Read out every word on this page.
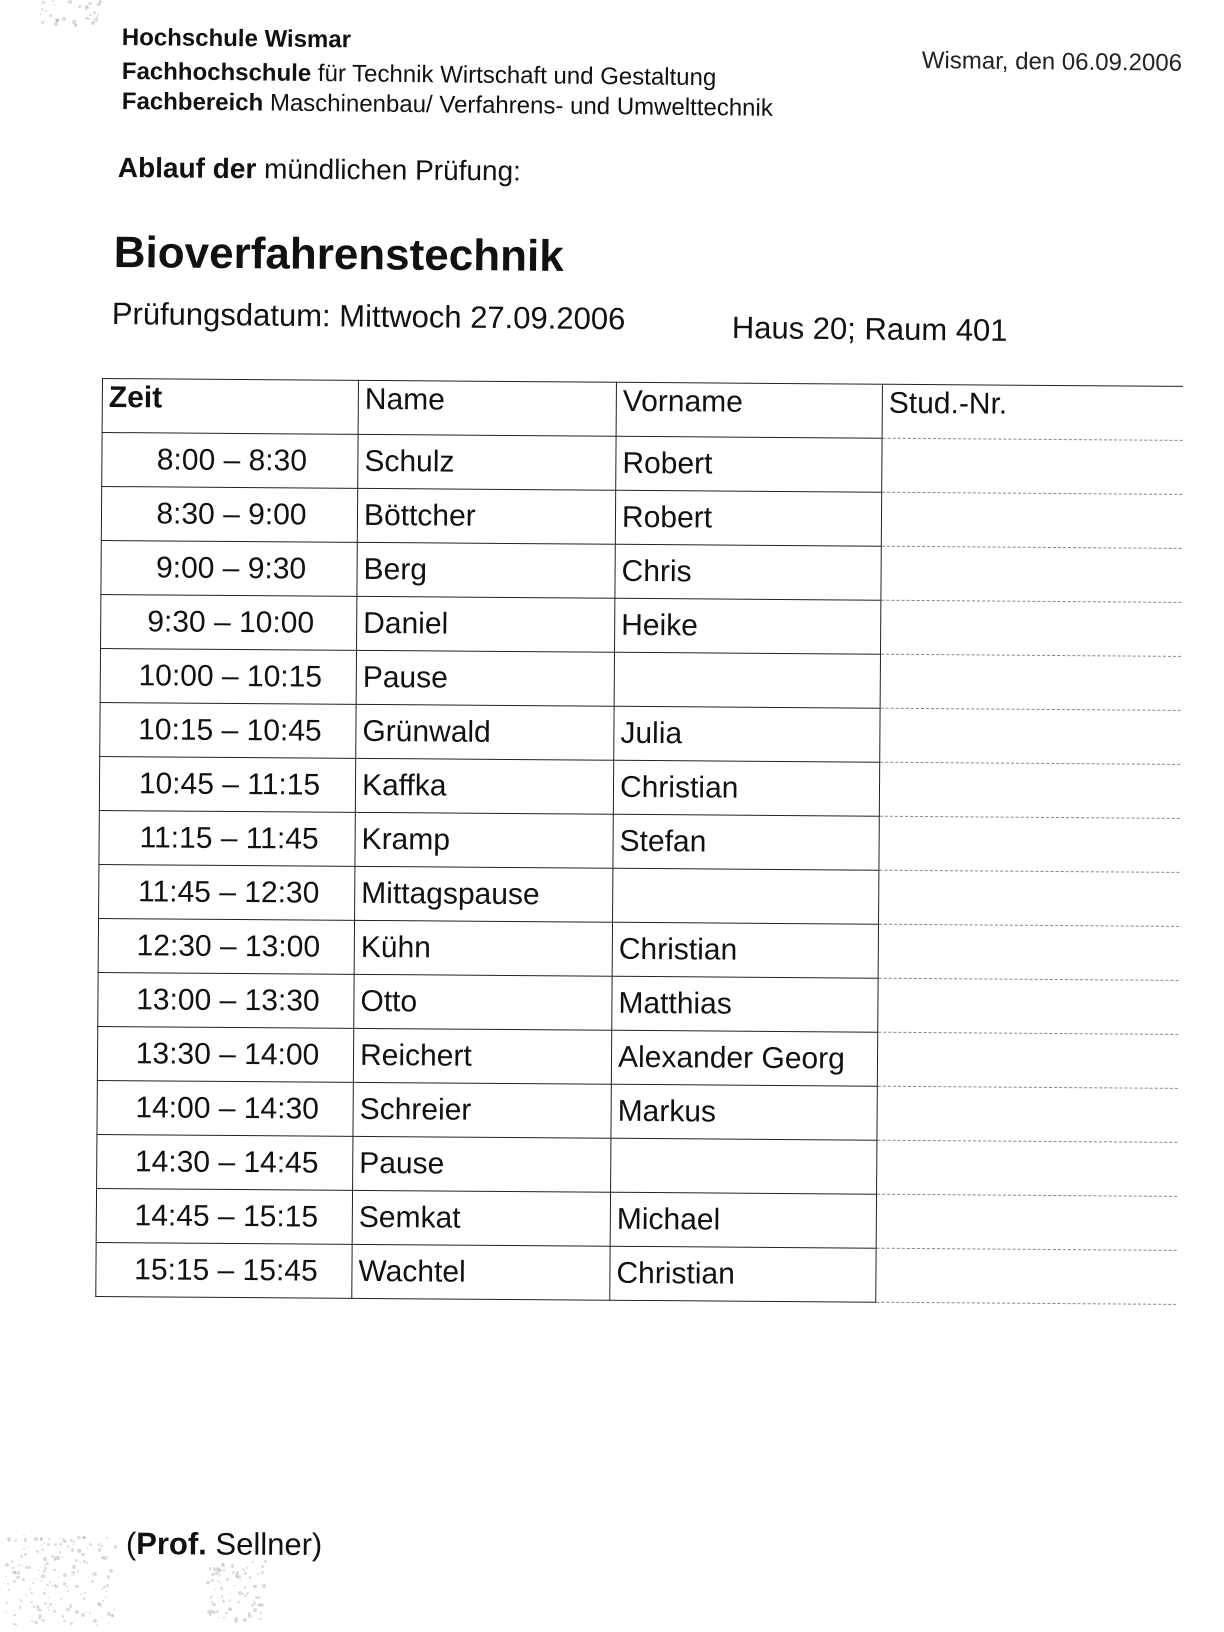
Hochschule Wismar
Fachhochschule für Technik Wirtschaft und Gestaltung
Fachbereich Maschinenbau/ Verfahrens- und Umwelttechnik
Wismar, den 06.09.2006
Ablauf der mündlichen Prüfung:
Bioverfahrenstechnik
Prüfungsdatum: Mittwoch 27.09.2006	Haus 20; Raum 401
Zeit	Name	Vorname	Stud.-Nr.
8:00 – 8:30	Schulz	Robert	
8:30 – 9:00	Böttcher	Robert	
9:00 – 9:30	Berg	Chris	
9:30 – 10:00	Daniel	Heike	
10:00 – 10:15	Pause		
10:15 – 10:45	Grünwald	Julia	
10:45 – 11:15	Kaffka	Christian	
11:15 – 11:45	Kramp	Stefan	
11:45 – 12:30	Mittagspause		
12:30 – 13:00	Kühn	Christian	
13:00 – 13:30	Otto	Matthias	
13:30 – 14:00	Reichert	Alexander Georg	
14:00 – 14:30	Schreier	Markus	
14:30 – 14:45	Pause		
14:45 – 15:15	Semkat	Michael	
15:15 – 15:45	Wachtel	Christian	
(Prof. Sellner)
